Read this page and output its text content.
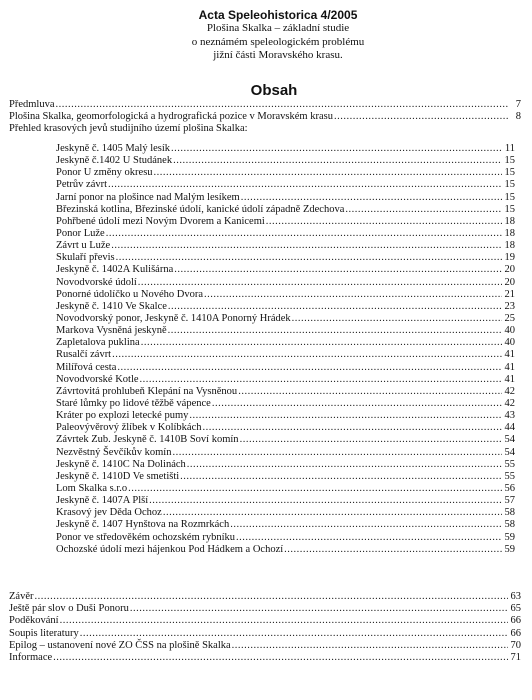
Acta Speleohistorica 4/2005
Plošina Skalka – základní studie
o neznámém speleologickém problému
jižní části Moravského krasu.
Obsah
Předmluva .....	7
Plošina Skalka, geomorfologická a hydrografická pozice v Moravském krasu .....	8
Přehled krasových jevů studijního území plošina Skalka:
Jeskyně č. 1405 Malý lesík .....	11
Jeskyně č.1402 U Studánek .....	15
Ponor U změny okresu .....	15
Petrův závrt .....	15
Jarní ponor na plošince nad Malým lesíkem .....	15
Březinská kotlina, Březinské údolí, kanické údolí západně Zdechova .....	15
Pohřbené údolí mezi Novým Dvorem a Kanicemi .....	18
Ponor Luže .....	18
Závrt u Luže .....	18
Skulaří převis .....	19
Jeskyně č. 1402A Kulišárna .....	20
Novodvorské údolí .....	20
Ponorné údolíčko u Nového Dvora .....	21
Jeskyně č. 1410 Ve Skalce .....	23
Novodvorský ponor, Jeskyně č. 1410A Ponorný Hrádek .....	25
Markova Vysněná jeskyně .....	40
Zapletalova puklina .....	40
Rusalčí závrt .....	41
Milířová cesta .....	41
Novodvorské Kotle .....	41
Závrtovitá prohlubeň Klepání na Vysněnou .....	42
Staré lůmky po lidové těžbě vápence .....	42
Kráter po explozi letecké pumy .....	43
Paleovývěrový žlíbek v Kolíbkách .....	44
Závrtek Zub. Jeskyně č. 1410B Soví komín .....	54
Nezvěstný Ševčíkův komín .....	54
Jeskyně č. 1410C Na Dolinách .....	55
Jeskyně č. 1410D Ve smetišti .....	55
Lom Skalka s.r.o .....	56
Jeskyně č. 1407A Plší .....	57
Krasový jev Děda Ochoz .....	58
Jeskyně č. 1407 Hynštova na Rozmrkách .....	58
Ponor ve středověkém ochozském rybníku .....	59
Ochozské údolí mezi hájenkou Pod Hádkem a Ochozí .....	59
Závěr .....	63
Ještě pár slov o Duši Ponoru .....	65
Poděkování .....	66
Soupis literatury .....	66
Epilog – ustanovení nové ZO ČSS na plošině Skalka .....	70
Informace .....	71
